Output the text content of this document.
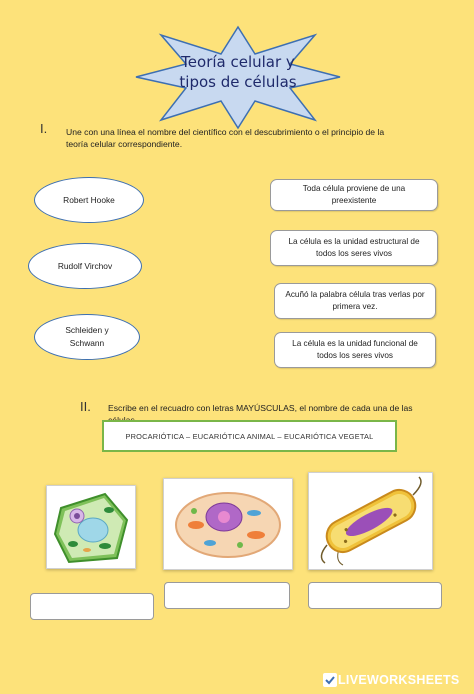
Teoría celular y
tipos de células
I. Une con una línea el nombre del científico con el descubrimiento o el principio de la teoría celular correspondiente.
Robert Hooke
Rudolf Virchov
Schleiden y Schwann
Toda célula proviene de una preexistente
La célula es la unidad estructural de todos los seres vivos
Acuñó la palabra célula tras verlas por primera vez.
La célula es la unidad funcional de todos los seres vivos
II. Escribe en el recuadro con letras MAYÚSCULAS, el nombre de cada una de las
PROCARIÓTICA – EUCARIÓTICA ANIMAL – EUCARIÓTICA VEGETAL
LIVEWORKSHEETS
